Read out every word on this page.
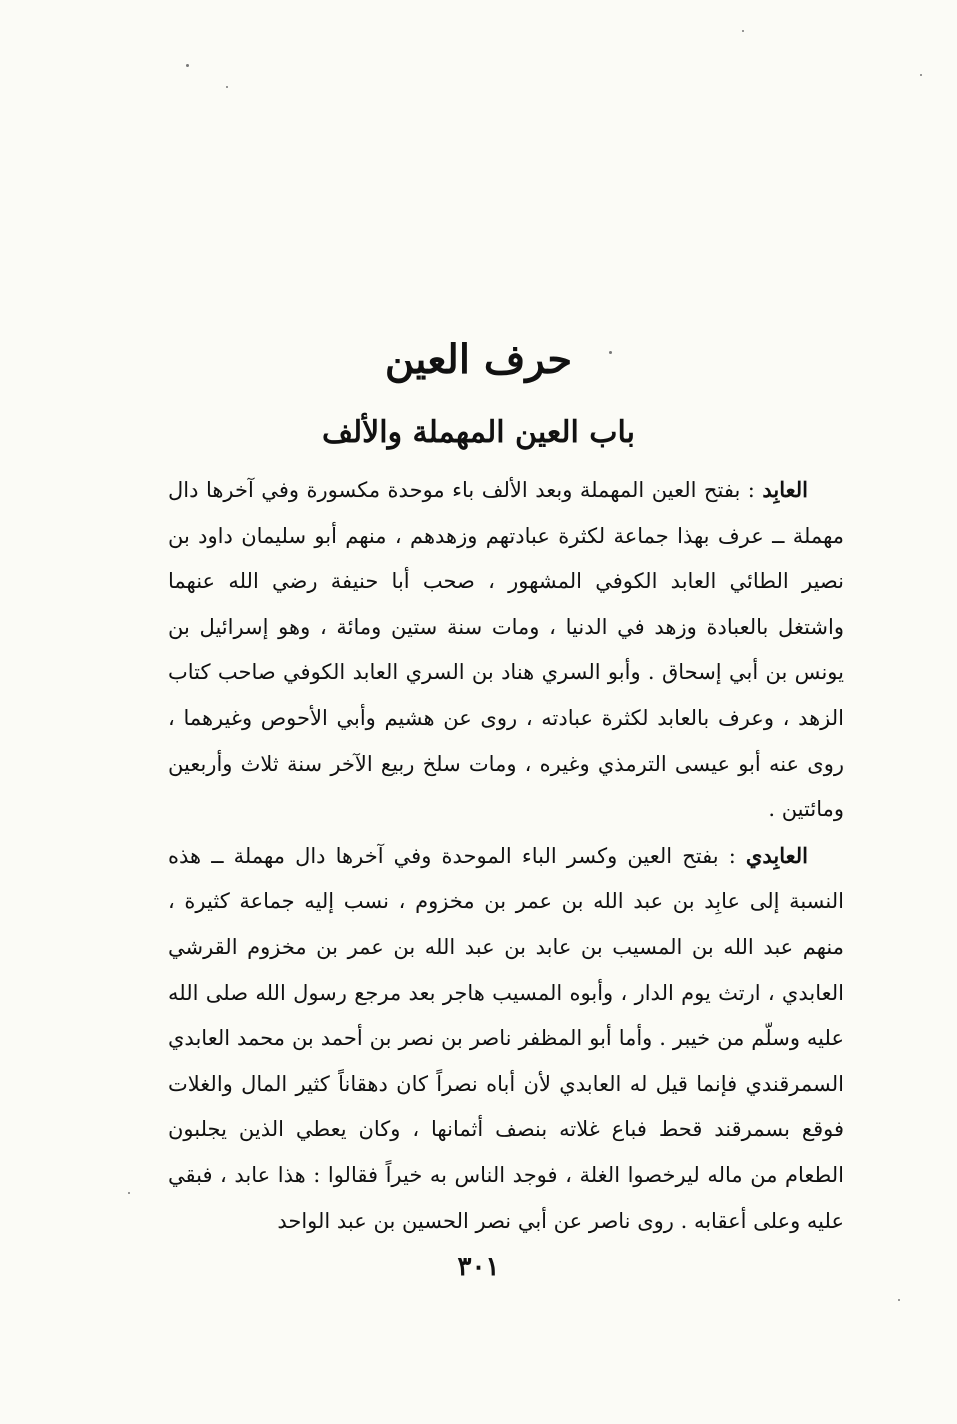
حرف العين
باب العين المهملة والألف

العابِد : بفتح العين المهملة وبعد الألف باء موحدة مكسورة وفي آخرها دال مهملة ــ عرف بهذا جماعة لكثرة عبادتهم وزهدهم ، منهم أبو سليمان داود بن نصير الطائي العابد الكوفي المشهور ، صحب أبا حنيفة رضي الله عنهما واشتغل بالعبادة وزهد في الدنيا ، ومات سنة ستين ومائة ، وهو إسرائيل بن يونس بن أبي إسحاق . وأبو السري هناد بن السري العابد الكوفي صاحب كتاب الزهد ، وعرف بالعابد لكثرة عبادته ، روى عن هشيم وأبي الأحوص وغيرهما ، روى عنه أبو عيسى الترمذي وغيره ، ومات سلخ ربيع الآخر سنة ثلاث وأربعين ومائتين .

العابِدي : بفتح العين وكسر الباء الموحدة وفي آخرها دال مهملة ــ هذه النسبة إلى عابِد بن عبد الله بن عمر بن مخزوم ، نسب إليه جماعة كثيرة ، منهم عبد الله بن المسيب بن عابد بن عبد الله بن عمر بن مخزوم القرشي العابدي ، ارتث يوم الدار ، وأبوه المسيب هاجر بعد مرجع رسول الله صلى الله عليه وسلّم من خيبر . وأما أبو المظفر ناصر بن نصر بن أحمد بن محمد العابدي السمرقندي فإنما قيل له العابدي لأن أباه نصراً كان دهقاناً كثير المال والغلات فوقع بسمرقند قحط فباع غلاته بنصف أثمانها ، وكان يعطي الذين يجلبون الطعام من ماله ليرخصوا الغلة ، فوجد الناس به خيراً فقالوا : هذا عابد ، فبقي عليه وعلى أعقابه . روى ناصر عن أبي نصر الحسين بن عبد الواحد

٣٠١
